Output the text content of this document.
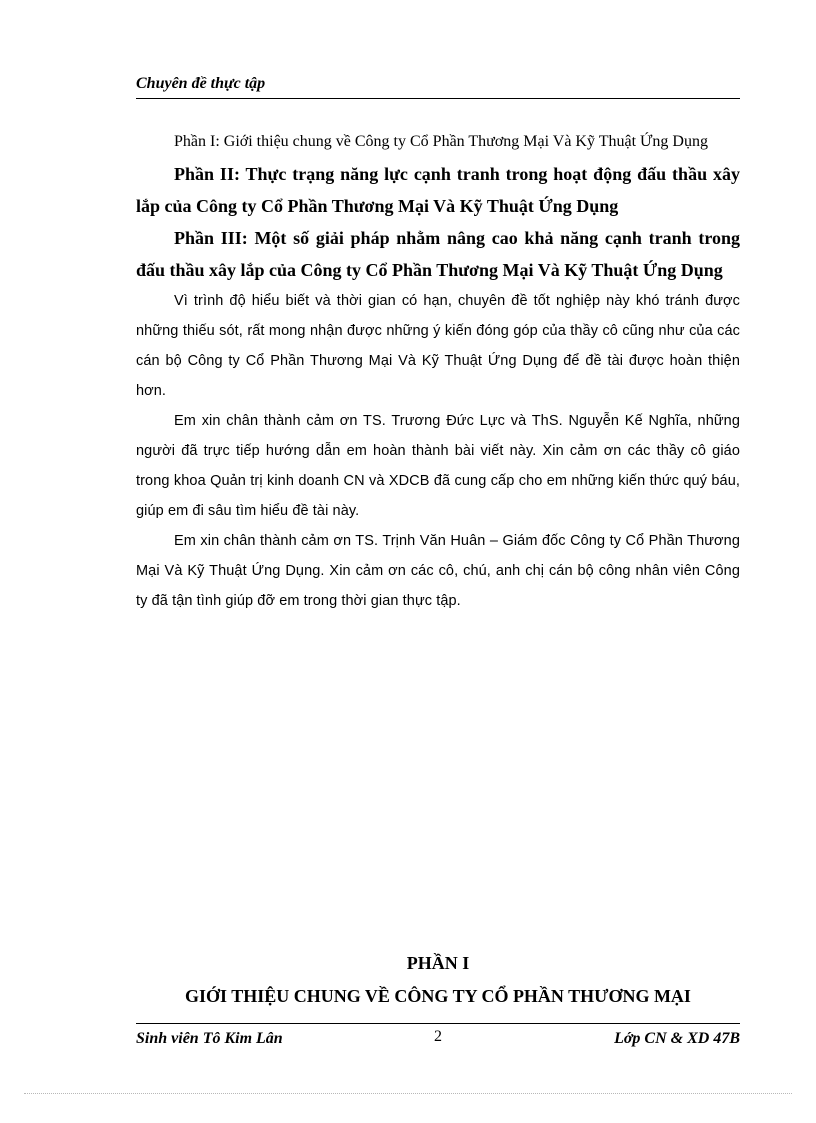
Chuyên đề thực tập

Phần I: Giới thiệu chung về Công ty Cổ Phần Thương Mại Và Kỹ Thuật Ứng Dụng

Phần II: Thực trạng năng lực cạnh tranh trong hoạt động đấu thầu xây lắp của Công ty Cổ Phần Thương Mại Và Kỹ Thuật Ứng Dụng

Phần III: Một số giải pháp nhằm nâng cao khả năng cạnh tranh trong đấu thầu xây lắp của Công ty Cổ Phần Thương Mại Và Kỹ Thuật Ứng Dụng

Vì trình độ hiểu biết và thời gian có hạn, chuyên đề tốt nghiệp này khó tránh được những thiếu sót, rất mong nhận được những ý kiến đóng góp của thầy cô cũng như của các cán bộ Công ty Cổ Phần Thương Mại Và Kỹ Thuật Ứng Dụng để đề tài được hoàn thiện hơn.

Em xin chân thành cảm ơn TS. Trương Đức Lực và ThS. Nguyễn Kế Nghĩa, những người đã trực tiếp hướng dẫn em hoàn thành bài viết này. Xin cảm ơn các thầy cô giáo trong khoa Quản trị kinh doanh CN và XDCB đã cung cấp cho em những kiến thức quý báu, giúp em đi sâu tìm hiểu đề tài này.

Em xin chân thành cảm ơn TS. Trịnh Văn Huân – Giám đốc Công ty Cổ Phần Thương Mại Và Kỹ Thuật Ứng Dụng. Xin cảm ơn các cô, chú, anh chị cán bộ công nhân viên Công ty đã tận tình giúp đỡ em trong thời gian thực tập.

PHẦN I
GIỚI THIỆU CHUNG VỀ CÔNG TY CỔ PHẦN THƯƠNG MẠI
Sinh viên Tô Kim Lân	2	Lớp CN & XD 47B
